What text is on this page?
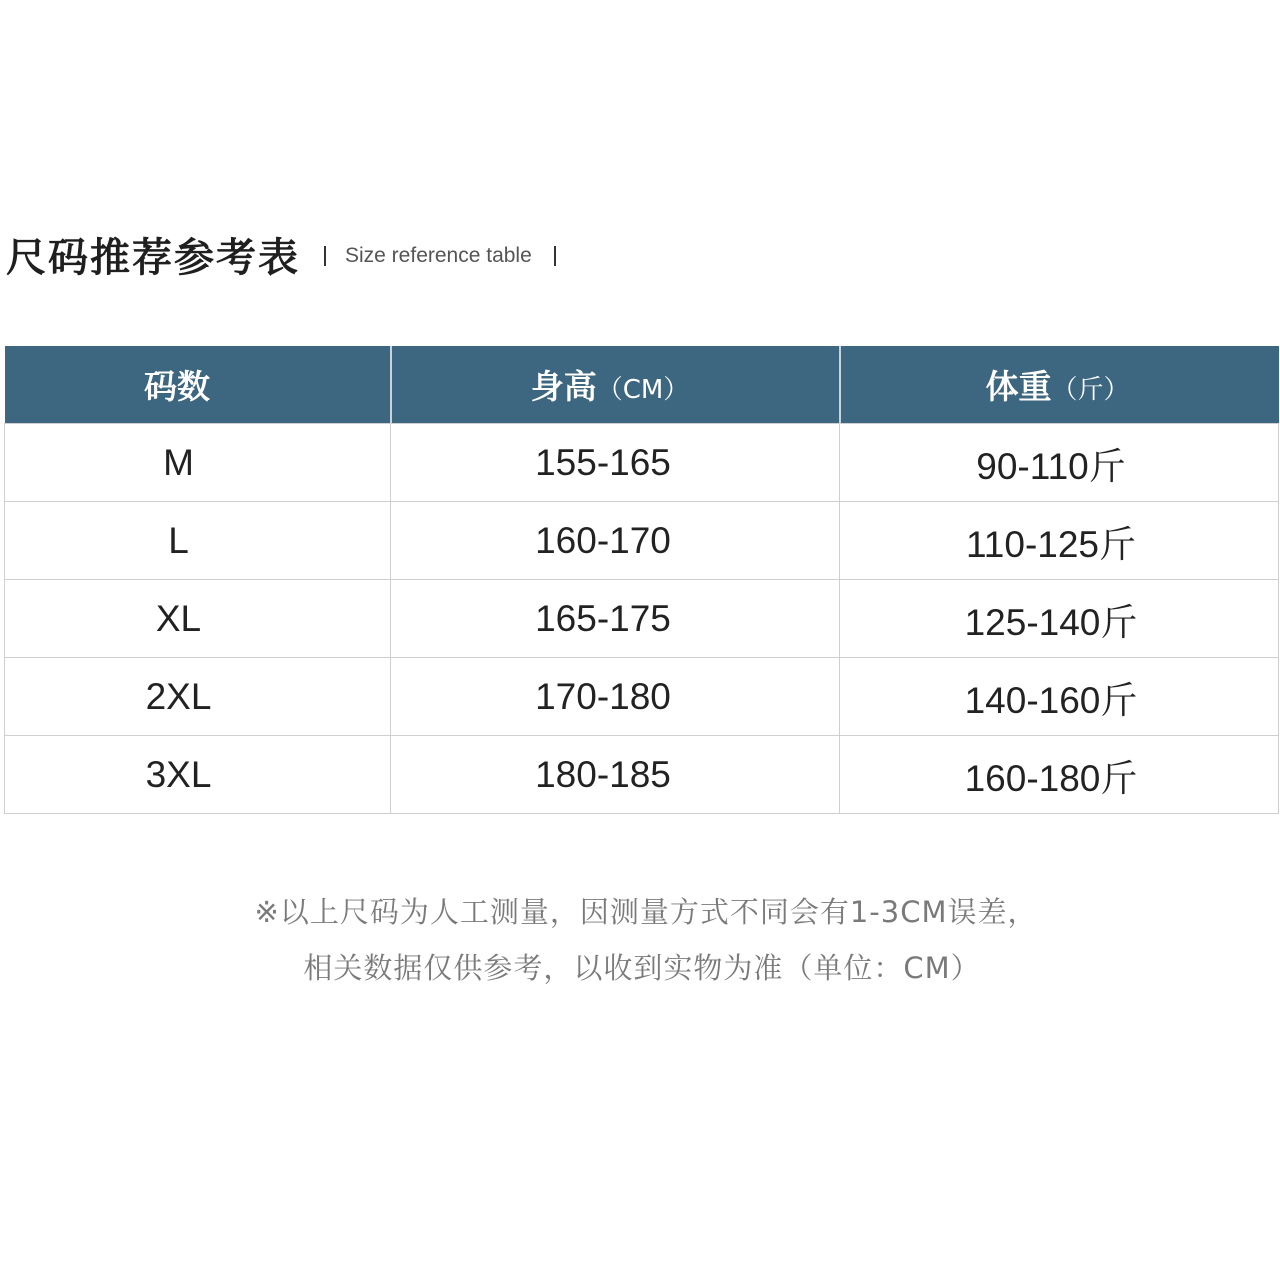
尺码推荐参考表 Size reference table
码数	身高（CM）	体重（斤）
M	155-165	90-110斤
L	160-170	110-125斤
XL	165-175	125-140斤
2XL	170-180	140-160斤
3XL	180-185	160-180斤
※以上尺码为人工测量，因测量方式不同会有1-3CM误差，
相关数据仅供参考，以收到实物为准（单位：CM）
